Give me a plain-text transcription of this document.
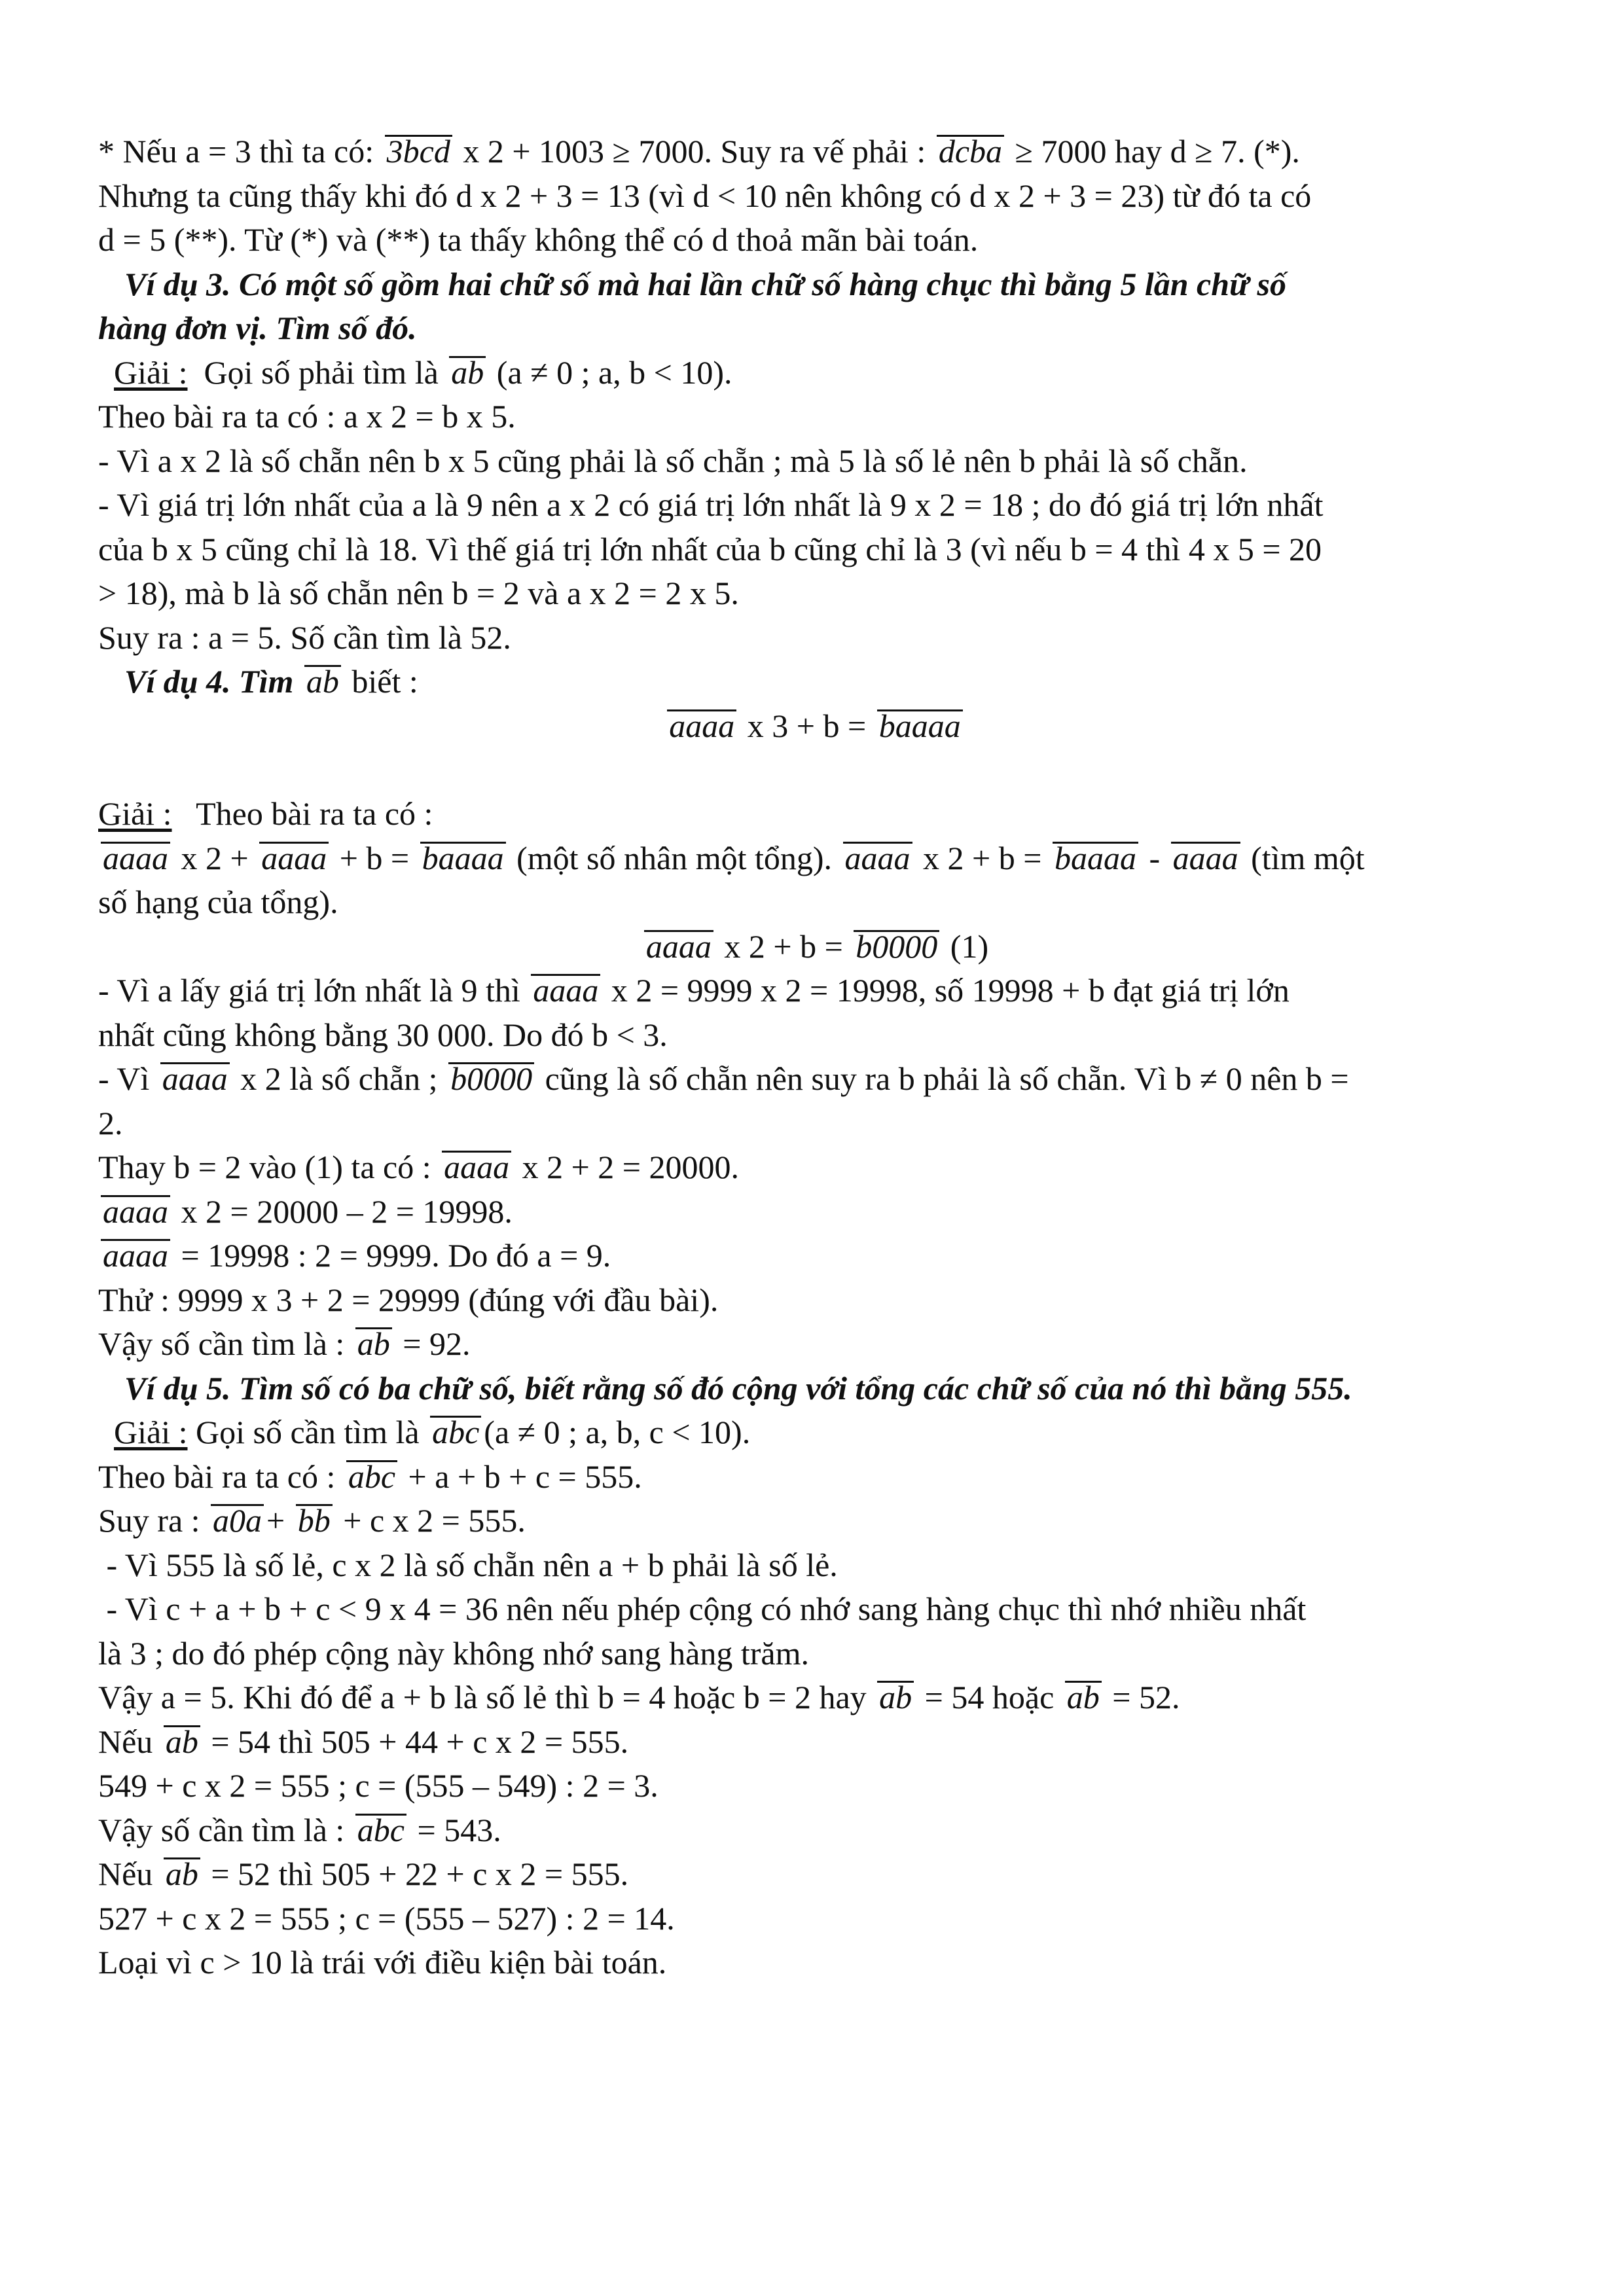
* Nếu a = 3 thì ta có: 3bcd x 2 + 1003 ≥ 7000. Suy ra vế phải : dcba ≥ 7000 hay d ≥ 7. (*).
Nhưng ta cũng thấy khi đó d x 2 + 3 = 13 (vì d < 10 nên không có d x 2 + 3 = 23) từ đó ta có
d = 5 (**). Từ (*) và (**) ta thấy không thể có d thoả mãn bài toán.
Ví dụ 3. Có một số gồm hai chữ số mà hai lần chữ số hàng chục thì bằng 5 lần chữ số
hàng đơn vị. Tìm số đó.
Giải :  Gọi số phải tìm là ab (a ≠ 0 ; a, b < 10).
Theo bài ra ta có : a x 2 = b x 5.
- Vì a x 2 là số chẵn nên b x 5 cũng phải là số chẵn ; mà 5 là số lẻ nên b phải là số chẵn.
- Vì giá trị lớn nhất của a là 9 nên a x 2 có giá trị lớn nhất là 9 x 2 = 18 ; do đó giá trị lớn nhất
của b x 5 cũng chỉ là 18. Vì thế giá trị lớn nhất của b cũng chỉ là 3 (vì nếu b = 4 thì 4 x 5 = 20
> 18), mà b là số chẵn nên b = 2 và a x 2 = 2 x 5.
Suy ra : a = 5. Số cần tìm là 52.
Ví dụ 4. Tìm ab biết :
aaaa x 3 + b = baaaa
Giải :   Theo bài ra ta có :
aaaa x 2 + aaaa + b = baaaa (một số nhân một tổng). aaaa x 2 + b = baaaa - aaaa (tìm một
số hạng của tổng).
aaaa x 2 + b = b0000 (1)
- Vì a lấy giá trị lớn nhất là 9 thì aaaa x 2 = 9999 x 2 = 19998, số 19998 + b đạt giá trị lớn
nhất cũng không bằng 30 000. Do đó b < 3.
- Vì aaaa x 2 là số chẵn ; b0000 cũng là số chẵn nên suy ra b phải là số chẵn. Vì b ≠ 0 nên b =
2.
Thay b = 2 vào (1) ta có : aaaa x 2 + 2 = 20000.
aaaa x 2 = 20000 – 2 = 19998.
aaaa = 19998 : 2 = 9999. Do đó a = 9.
Thử : 9999 x 3 + 2 = 29999 (đúng với đầu bài).
Vậy số cần tìm là : ab = 92.
Ví dụ 5. Tìm số có ba chữ số, biết rằng số đó cộng với tổng các chữ số của nó thì bằng 555.
Giải : Gọi số cần tìm là abc (a ≠ 0 ; a, b, c < 10).
Theo bài ra ta có : abc + a + b + c = 555.
Suy ra : a0a + bb + c x 2 = 555.
- Vì 555 là số lẻ, c x 2 là số chẵn nên a + b phải là số lẻ.
- Vì c + a + b + c < 9 x 4 = 36 nên nếu phép cộng có nhớ sang hàng chục thì nhớ nhiều nhất
là 3 ; do đó phép cộng này không nhớ sang hàng trăm.
Vậy a = 5. Khi đó để a + b là số lẻ thì b = 4 hoặc b = 2 hay ab = 54 hoặc ab = 52.
Nếu ab = 54 thì 505 + 44 + c x 2 = 555.
549 + c x 2 = 555 ; c = (555 – 549) : 2 = 3.
Vậy số cần tìm là : abc = 543.
Nếu ab = 52 thì 505 + 22 + c x 2 = 555.
527 + c x 2 = 555 ; c = (555 – 527) : 2 = 14.
Loại vì c > 10 là trái với điều kiện bài toán.
